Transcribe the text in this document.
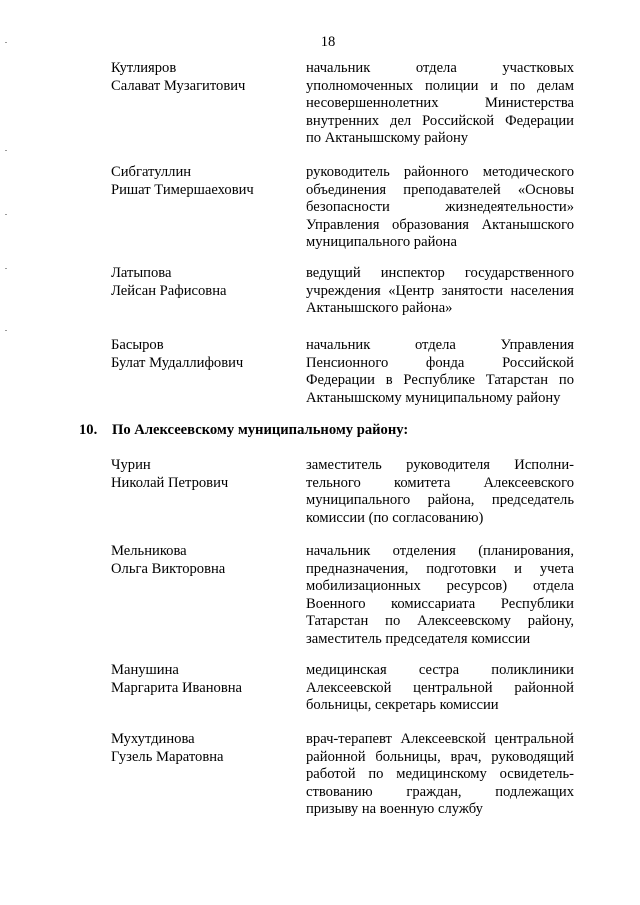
18
Кутлияров
Салават Музагитович
начальник отдела участковых
уполномоченных полиции и по делам
несовершеннолетних Министерства
внутренних дел Российской Федерации
по Актанышскому району
Сибгатуллин
Ришат Тимершаехович
руководитель районного методического
объединения преподавателей «Основы
безопасности жизнедеятельности»
Управления образования Актанышского
муниципального района
Латыпова
Лейсан Рафисовна
ведущий инспектор государственного
учреждения «Центр занятости населения
Актанышского района»
Басыров
Булат Мудаллифович
начальник отдела Управления
Пенсионного фонда Российской
Федерации в Республике Татарстан по
Актанышскому муниципальному району
10. По Алексеевскому муниципальному району:
Чурин
Николай Петрович
заместитель руководителя Исполни-
тельного комитета Алексеевского
муниципального района, председатель
комиссии (по согласованию)
Мельникова
Ольга Викторовна
начальник отделения (планирования,
предназначения, подготовки и учета
мобилизационных ресурсов) отдела
Военного комиссариата Республики
Татарстан по Алексеевскому району,
заместитель председателя комиссии
Манушина
Маргарита Ивановна
медицинская сестра поликлиники
Алексеевской центральной районной
больницы, секретарь комиссии
Мухутдинова
Гузель Маратовна
врач-терапевт Алексеевской центральной
районной больницы, врач, руководящий
работой по медицинскому освидетель-
ствованию граждан, подлежащих
призыву на военную службу
